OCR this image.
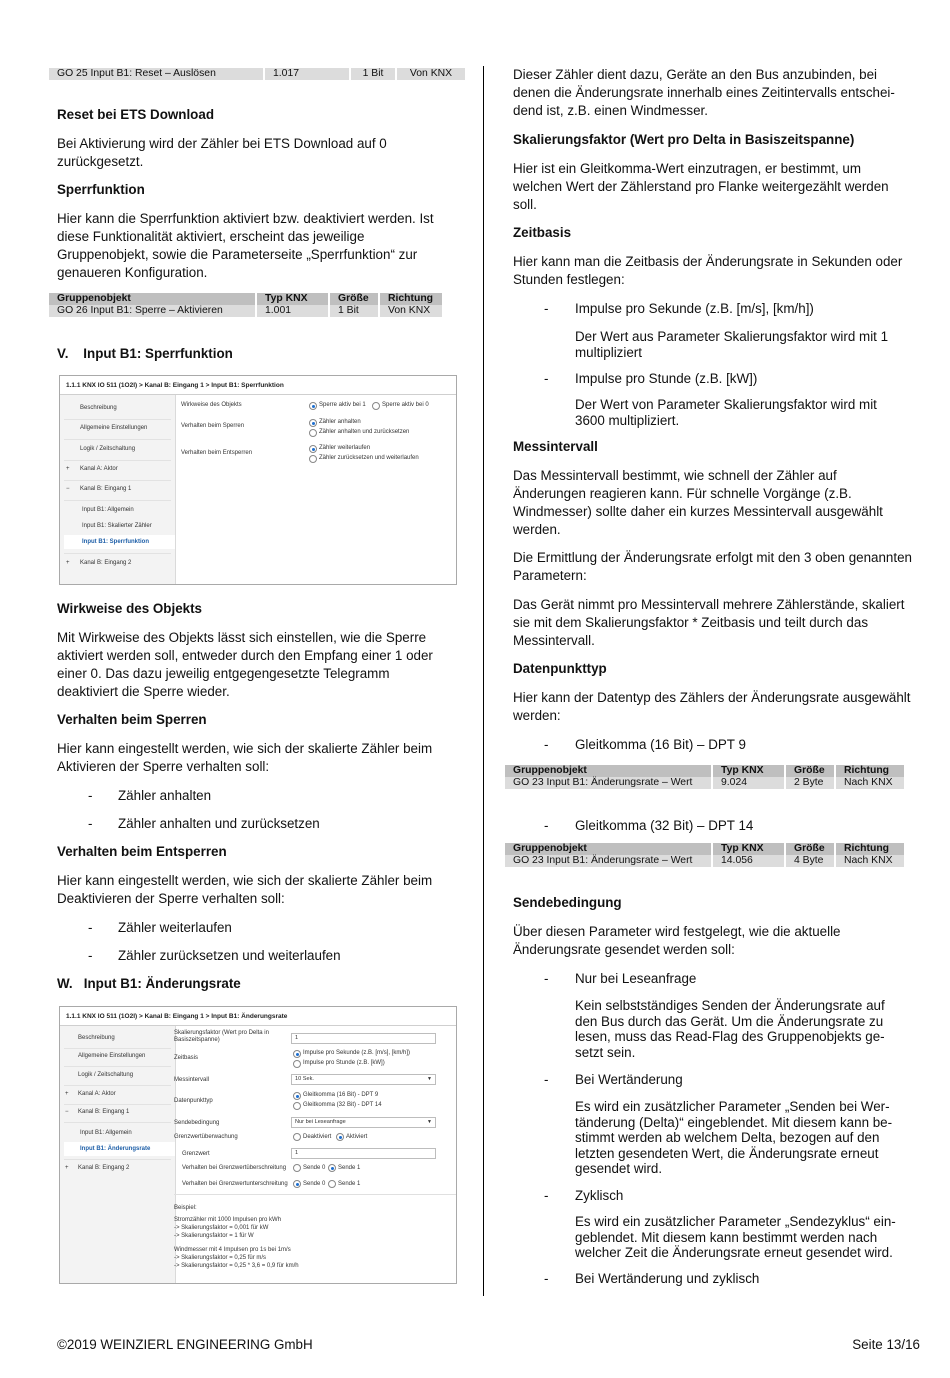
GO 25 Input B1: Reset – Auslösen	1.017	1 Bit	Von KNX
Reset bei ETS Download

Bei Aktivierung wird der Zähler bei ETS Download auf 0 zurückgesetzt.

Sperrfunktion

Hier kann die Sperrfunktion aktiviert bzw. deaktiviert werden. Ist diese Funktionalität aktiviert, erscheint das jeweilige Gruppenobjekt, sowie die Parameterseite „Sperrfunktion“ zur genaueren Konfiguration.

Gruppenobjekt	Typ KNX	Größe	Richtung
GO 26 Input B1: Sperre – Aktivieren	1.001	1 Bit	Von KNX
V.    Input B1: Sperrfunktion
1.1.1 KNX IO 511 (1O2I) > Kanal B: Eingang 1 > Input B1: Sperrfunktion
Beschreibung
Allgemeine Einstellungen
Logik / Zeitschaltung
+ Kanal A: Aktor
− Kanal B: Eingang 1
Input B1: Allgemein
Input B1: Skalierter Zähler
Input B1: Sperrfunktion
+ Kanal B: Eingang 2
Wirkweise des Objekts	Sperre aktiv bei 1	Sperre aktiv bei 0
Verhalten beim Sperren
Zähler anhalten
Zähler anhalten und zurücksetzen
Verhalten beim Entsperren
Zähler weiterlaufen
Zähler zurücksetzen und weiterlaufen
Wirkweise des Objekts

Mit Wirkweise des Objekts lässt sich einstellen, wie die Sperre aktiviert werden soll, entweder durch den Empfang einer 1 oder einer 0. Das dazu jeweilig entgegengesetzte Telegramm deaktiviert die Sperre wieder.

Verhalten beim Sperren

Hier kann eingestellt werden, wie sich der skalierte Zähler beim Aktivieren der Sperre verhalten soll:

- Zähler anhalten
- Zähler anhalten und zurücksetzen
Verhalten beim Entsperren

Hier kann eingestellt werden, wie sich der skalierte Zähler beim Deaktivieren der Sperre verhalten soll:

- Zähler weiterlaufen
- Zähler zurücksetzen und weiterlaufen
W.   Input B1: Änderungsrate
1.1.1 KNX IO 511 (1O2I) > Kanal B: Eingang 1 > Input B1: Änderungsrate
Beschreibung
Allgemeine Einstellungen
Logik / Zeitschaltung
+ Kanal A: Aktor
− Kanal B: Eingang 1
Input B1: Allgemein
Input B1: Änderungsrate
+ Kanal B: Eingang 2
Skalierungsfaktor (Wert pro Delta in Basiszeitspanne)	1
Zeitbasis
Impulse pro Sekunde (z.B. [m/s], [km/h])
Impulse pro Stunde (z.B. [kW])
Messintervall	10 Sek.	▼
Datenpunkttyp
Gleitkomma (16 Bit) - DPT 9
Gleitkomma (32 Bit) - DPT 14
Sendebedingung	Nur bei Leseanfrage	▼
Grenzwertüberwachung	Deaktiviert Aktiviert
Grenzwert	1
Verhalten bei Grenzwertüberschreitung	Sende 0 Sende 1
Verhalten bei Grenzwertunterschreitung	Sende 0 Sende 1
Beispiel:
Stromzähler mit 1000 Impulsen pro kWh
-> Skalierungsfaktor = 0,001 für kW
-> Skalierungsfaktor = 1 für W
Windmesser mit 4 Impulsen pro 1s bei 1m/s
-> Skalierungsfaktor = 0,25 für m/s
-> Skalierungsfaktor = 0,25 * 3,6 = 0,9 für km/h

Dieser Zähler dient dazu, Geräte an den Bus anzubinden, bei denen die Änderungsrate innerhalb eines Zeitintervalls entschei-dend ist, z.B. einen Windmesser.

Skalierungsfaktor (Wert pro Delta in Basiszeitspanne)

Hier ist ein Gleitkomma-Wert einzutragen, er bestimmt, um welchen Wert der Zählerstand pro Flanke weitergezählt werden soll.

Zeitbasis

Hier kann man die Zeitbasis der Änderungsrate in Sekunden oder Stunden festlegen:

- Impulse pro Sekunde (z.B. [m/s], [km/h])

Der Wert aus Parameter Skalierungsfaktor wird mit 1 multipliziert

- Impulse pro Stunde (z.B. [kW])

Der Wert von Parameter Skalierungsfaktor wird mit 3600 multipliziert.

Messintervall

Das Messintervall bestimmt, wie schnell der Zähler auf Änderungen reagieren kann. Für schnelle Vorgänge (z.B. Windmesser) sollte daher ein kurzes Messintervall ausgewählt werden.

Die Ermittlung der Änderungsrate erfolgt mit den 3 oben genannten Parametern:

Das Gerät nimmt pro Messintervall mehrere Zählerstände, skaliert sie mit dem Skalierungsfaktor * Zeitbasis und teilt durch das Messintervall.

Datenpunkttyp

Hier kann der Datentyp des Zählers der Änderungsrate ausgewählt werden:

- Gleitkomma (16 Bit) – DPT 9
Gruppenobjekt	Typ KNX	Größe	Richtung
GO 23 Input B1: Änderungsrate – Wert	9.024	2 Byte	Nach KNX
- Gleitkomma (32 Bit) – DPT 14
Gruppenobjekt	Typ KNX	Größe	Richtung
GO 23 Input B1: Änderungsrate – Wert	14.056	4 Byte	Nach KNX
Sendebedingung

Über diesen Parameter wird festgelegt, wie die aktuelle Änderungsrate gesendet werden soll:

- Nur bei Leseanfrage

Kein selbstständiges Senden der Änderungsrate auf den Bus durch das Gerät. Um die Änderungsrate zu lesen, muss das Read-Flag des Gruppenobjekts ge-setzt sein.

- Bei Wertänderung

Es wird ein zusätzlicher Parameter „Senden bei Wer-tänderung (Delta)“ eingeblendet. Mit diesem kann be-stimmt werden ab welchem Delta, bezogen auf den letzten gesendeten Wert, die Änderungsrate erneut gesendet wird.

- Zyklisch

Es wird ein zusätzlicher Parameter „Sendezyklus“ ein-geblendet. Mit diesem kann bestimmt werden nach welcher Zeit die Änderungsrate erneut gesendet wird.

- Bei Wertänderung und zyklisch
©2019 WEINZIERL ENGINEERING GmbH	Seite 13/16
